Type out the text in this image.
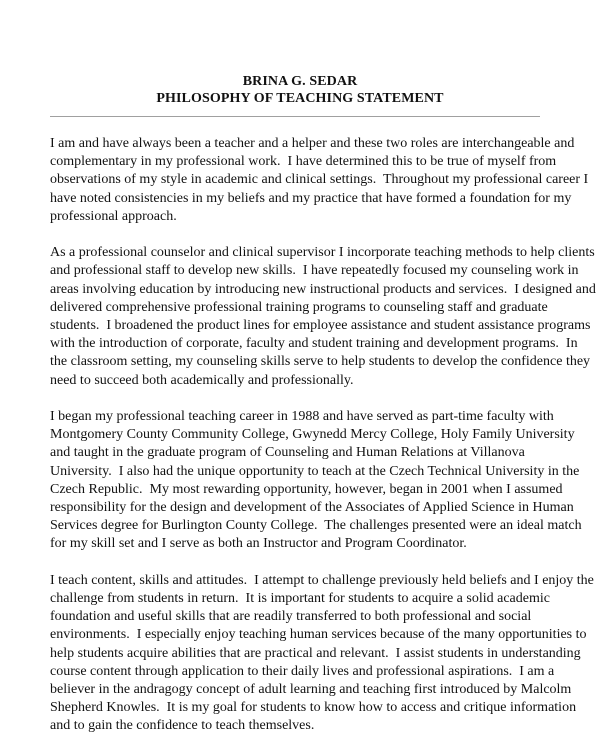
BRINA G. SEDAR
PHILOSOPHY OF TEACHING STATEMENT
I am and have always been a teacher and a helper and these two roles are interchangeable and
complementary in my professional work.  I have determined this to be true of myself from
observations of my style in academic and clinical settings.  Throughout my professional career I
have noted consistencies in my beliefs and my practice that have formed a foundation for my
professional approach.
As a professional counselor and clinical supervisor I incorporate teaching methods to help clients
and professional staff to develop new skills.  I have repeatedly focused my counseling work in
areas involving education by introducing new instructional products and services.  I designed and
delivered comprehensive professional training programs to counseling staff and graduate
students.  I broadened the product lines for employee assistance and student assistance programs
with the introduction of corporate, faculty and student training and development programs.  In
the classroom setting, my counseling skills serve to help students to develop the confidence they
need to succeed both academically and professionally.
I began my professional teaching career in 1988 and have served as part-time faculty with
Montgomery County Community College, Gwynedd Mercy College, Holy Family University
and taught in the graduate program of Counseling and Human Relations at Villanova
University.  I also had the unique opportunity to teach at the Czech Technical University in the
Czech Republic.  My most rewarding opportunity, however, began in 2001 when I assumed
responsibility for the design and development of the Associates of Applied Science in Human
Services degree for Burlington County College.  The challenges presented were an ideal match
for my skill set and I serve as both an Instructor and Program Coordinator.
I teach content, skills and attitudes.  I attempt to challenge previously held beliefs and I enjoy the
challenge from students in return.  It is important for students to acquire a solid academic
foundation and useful skills that are readily transferred to both professional and social
environments.  I especially enjoy teaching human services because of the many opportunities to
help students acquire abilities that are practical and relevant.  I assist students in understanding
course content through application to their daily lives and professional aspirations.  I am a
believer in the andragogy concept of adult learning and teaching first introduced by Malcolm
Shepherd Knowles.  It is my goal for students to know how to access and critique information
and to gain the confidence to teach themselves.
